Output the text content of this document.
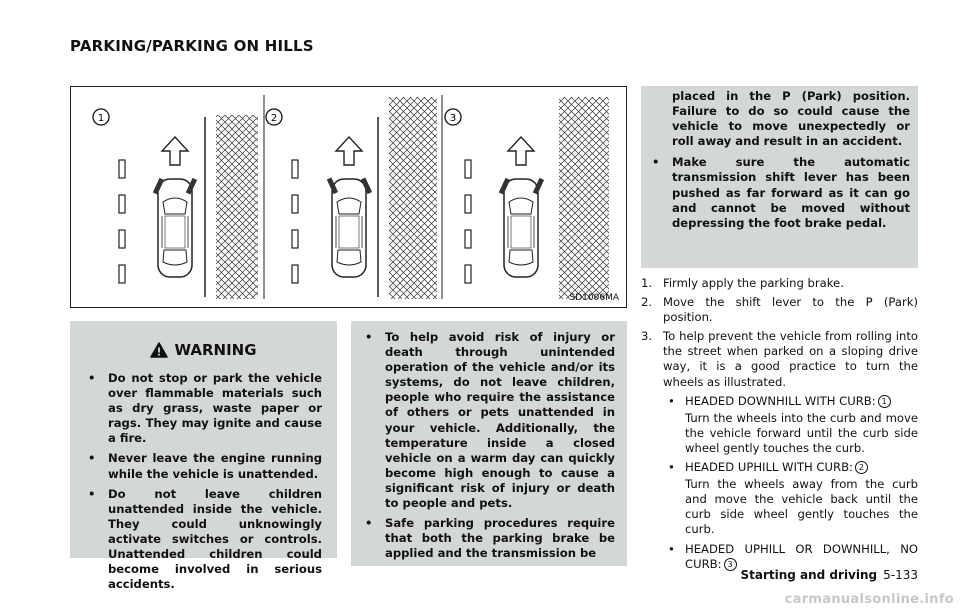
PARKING/PARKING ON HILLS
1	2	3
SD1006MA
WARNING
• Do not stop or park the vehicle over flammable materials such as dry grass, waste paper or rags. They may ignite and cause a fire.
• Never leave the engine running while the vehicle is unattended.
• Do not leave children unattended inside the vehicle. They could unknowingly activate switches or controls. Unattended children could become involved in serious accidents.
• To help avoid risk of injury or death through unintended operation of the vehicle and/or its systems, do not leave children, people who require the assistance of others or pets unattended in your vehicle. Additionally, the temperature inside a closed vehicle on a warm day can quickly become high enough to cause a significant risk of injury or death to people and pets.
• Safe parking procedures require that both the parking brake be applied and the transmission be
placed in the P (Park) position. Failure to do so could cause the vehicle to move unexpectedly or roll away and result in an accident.
• Make sure the automatic transmission shift lever has been pushed as far forward as it can go and cannot be moved without depressing the foot brake pedal.
1. Firmly apply the parking brake.
2. Move the shift lever to the P (Park) position.
3. To help prevent the vehicle from rolling into the street when parked on a sloping drive way, it is a good practice to turn the wheels as illustrated.
• HEADED DOWNHILL WITH CURB: 1
Turn the wheels into the curb and move the vehicle forward until the curb side wheel gently touches the curb.
• HEADED UPHILL WITH CURB: 2
Turn the wheels away from the curb and move the vehicle back until the curb side wheel gently touches the curb.
• HEADED UPHILL OR DOWNHILL, NO CURB: 3
Starting and driving 5-133
carmanualsonline.info
